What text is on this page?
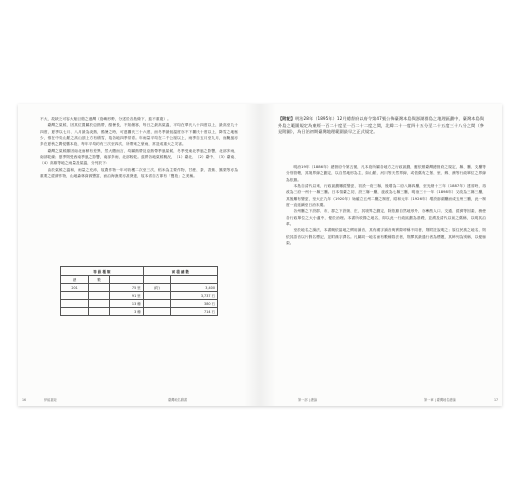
不大，故缺乏可容大船巨舶之港灣（島嶼形勢，分述於各島條下，茲不重複）。

臺灣之氣候，因其位置屬於亞熱帶，酷暑長，不知嚴寒，每日之最高氣溫，平均在華氏八十四度以上，最高至九十四度，夏季以七月、八月最為炎熱，酷暑之時，可達攝氏三十六度，而冬季最低溫度亦不下攝氏十度以上，降雪之地極少，惟在中央山脈之高山頂上方有積雪，故各地四季常青。年雨量平均在二千公厘以上，雨季自五月至九月，而颱風亦多在夏秋之間侵襲本島，每年平均約有三次至四次，所帶來之豪雨，常造成重大之災害。

臺灣之氣候雖因南北而稍有差異，然大體而言，均屬熱帶及亞熱帶季風氣候，冬季受東北季風之影響，北部多雨，南部乾燥；夏季則受西南季風之影響，南部多雨，北部較乾。茲將各地氣候概況，（1）臺北、（2）臺中、（3）臺南、（4）高雄等地之雨量及氣溫，分列於下：

由於氣候之溫和，雨量之充沛，故農作物一年可收穫二次至三次，稻米為主要作物，甘蔗、茶、香蕉、鳳梨等亦為重要之經濟作物，山地森林資源豐富，而沿海漁業亦甚發達，故本省自古即有「寶島」之美稱。

等 級 種 類			面 積 總 數	
總	數			
201		75 里	(約)	3,400
		91 里		3,737 石
		13 種		380 石
		3 種		714 石
16	伊能嘉矩	臺灣地名辭書

【附記】明治28年（1895年）12月總督府以府令第47號公佈臺灣本島與澎湖群島之地理區劃中，臺灣本島與外島之範圍規定為東經一百二十度至一百二十二度之間，北緯二十一度四十五分至二十五度三十八分之間（參見附圖），為日治初期臺灣地理範圍最早之正式規定。

明治19年（1886年）總督府令第五號，凡本島所屬各地方之行政區劃，應依照臺灣總督府之規定，縣、廳、支廳等分別管轄，其境界線之劃定，以自然地形為主，如山脈、河川等天然界線，或依舊有之堡、里、鄉、澳等行政單位之界線為依據。

本島自清代以來，行政區劃屢經變更，初設一府三縣，後增為二府八縣四廳，至光緒十三年（1887年）建省時，再改為三府一州十一縣三廳。日本領臺之初，設三縣一廳，旋改為七縣三廳，明治三十一年（1898年）又改為三縣三廳，其後屢有變更，至大正九年（1920年）始確立五州二廳之制度，昭和元年（1926年）增設澎湖廳而成五州三廳，此一制度一直延續至日治末期。

各州廳之下設郡、市，郡之下設街、庄，其境界之劃定，除依據自然地形外，亦參酌人口、交通、經濟等因素，務使各行政單位之大小適中，便於治理。本書所收錄之地名，即以此一行政區劃為基礎，並溯及清代以前之舊稱，以明其沿革。

至於地名之讀法，本書概依當地之慣用讀音，其有漢字讀音與實際呼稱不同者，則附註說明之；原住民族之地名，則依其語音以片假名標記，並附漢字譯名。凡屬同一地名而有數種寫法者，則擇其最通行者為標題，其餘列為別稱，以便檢索。

第一部 | 總論	第一章 | 臺灣地名總論	17
